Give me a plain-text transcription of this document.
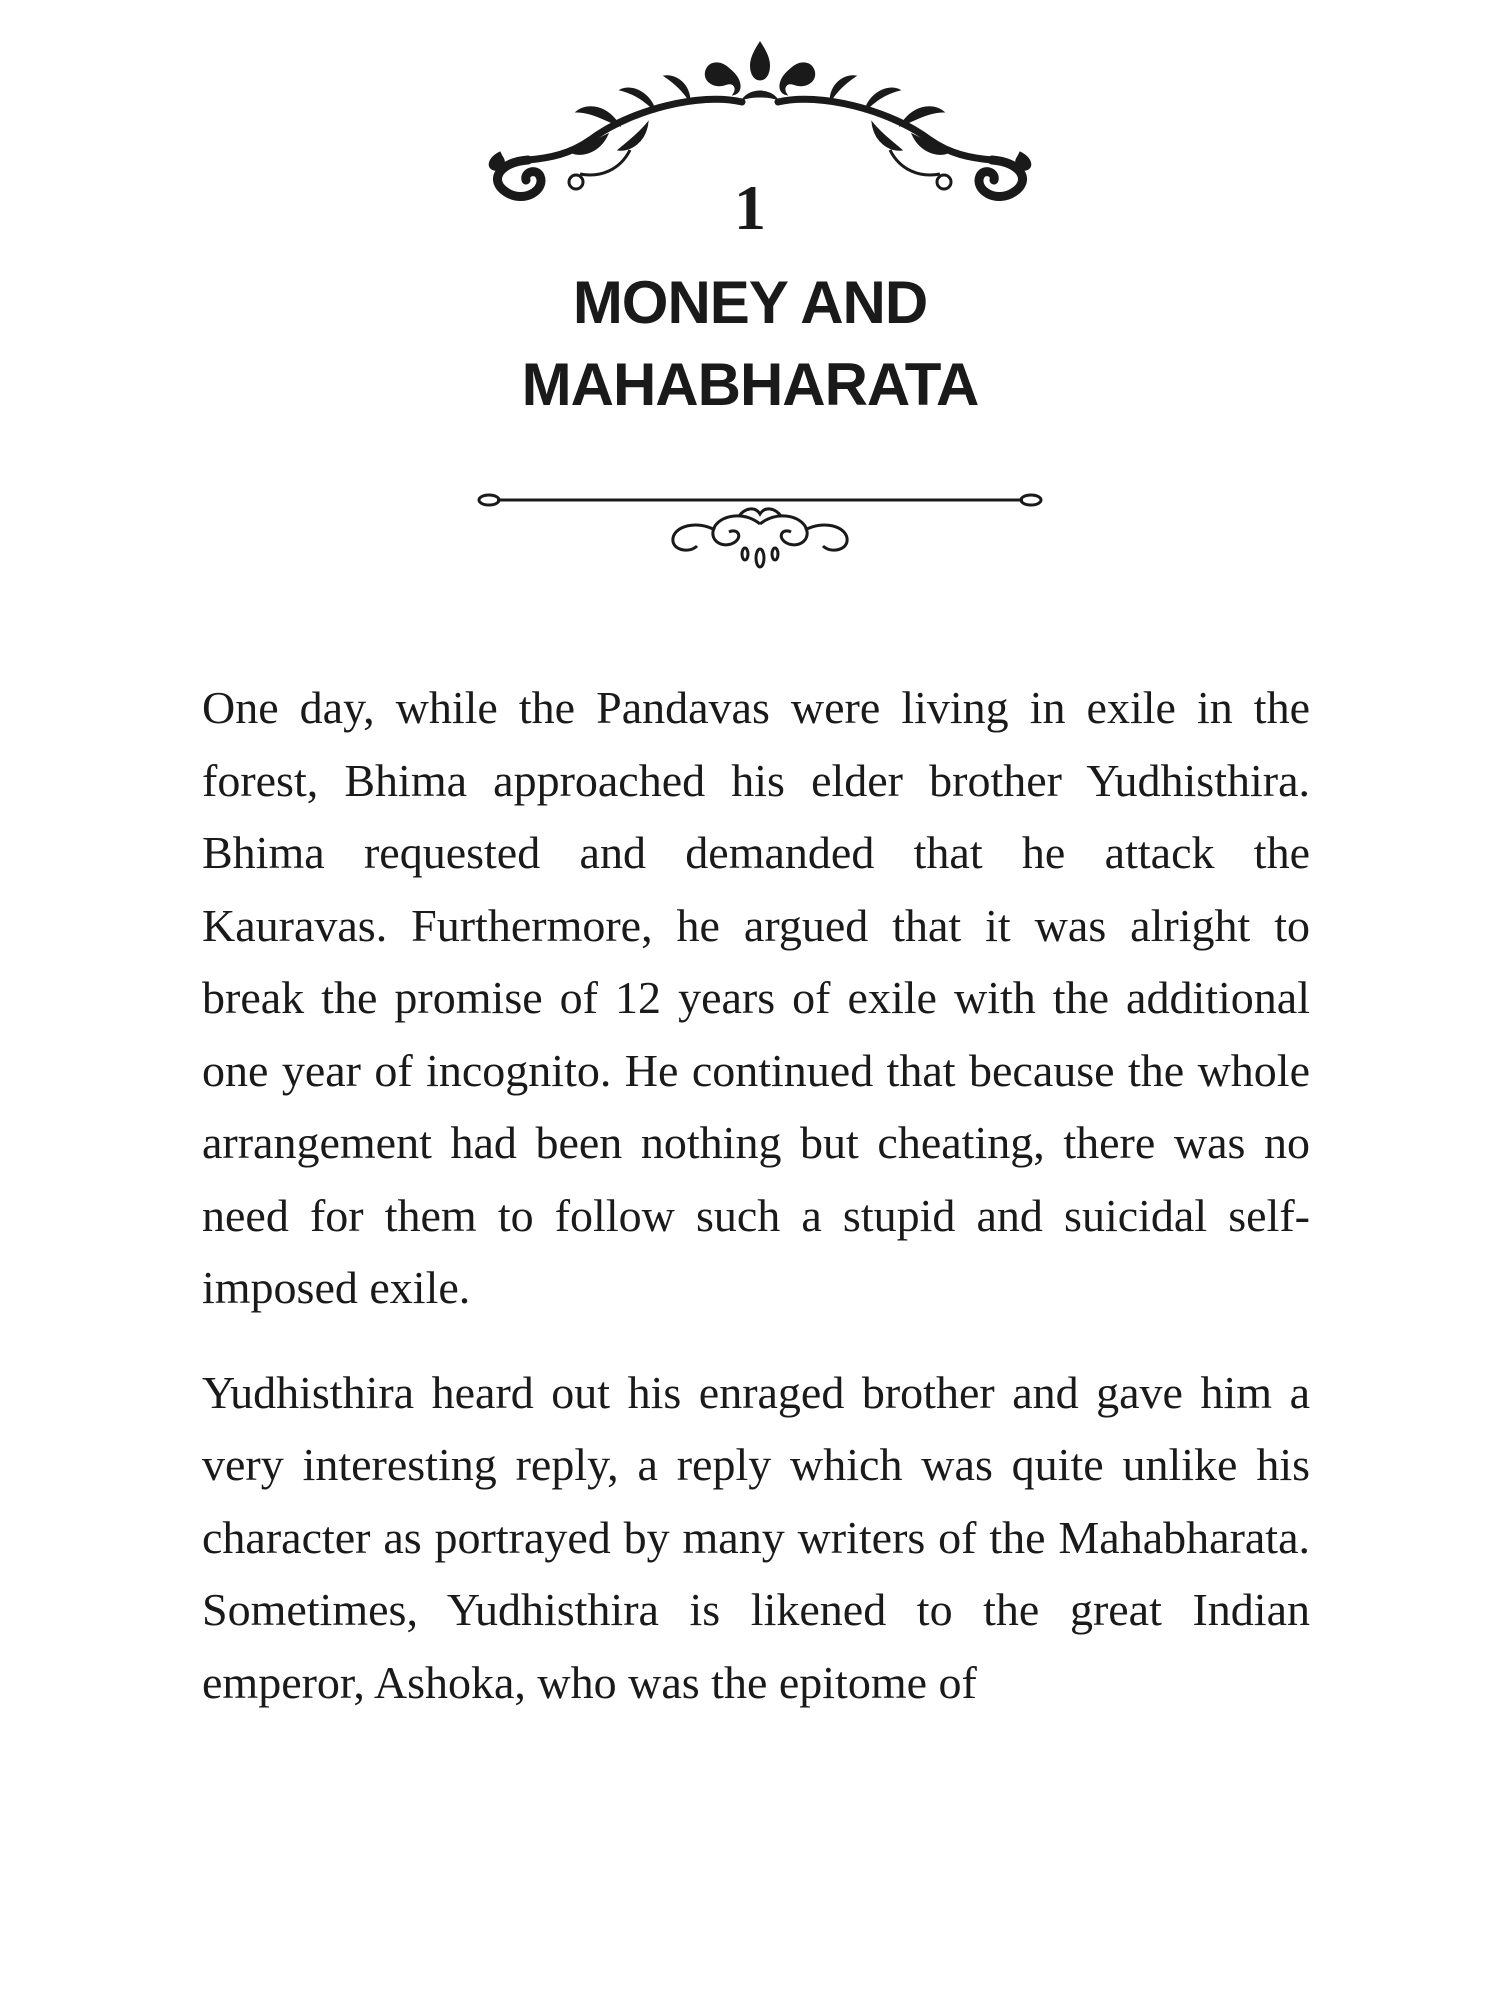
1
MONEY AND
MAHABHARATA

One day, while the Pandavas were living in exile in the forest, Bhima approached his elder brother Yudhisthira. Bhima requested and demanded that he attack the Kauravas. Furthermore, he argued that it was alright to break the promise of 12 years of exile with the additional one year of incognito. He continued that because the whole arrangement had been nothing but cheating, there was no need for them to follow such a stupid and suicidal self-imposed exile.

Yudhisthira heard out his enraged brother and gave him a very interesting reply, a reply which was quite unlike his character as portrayed by many writers of the Mahabharata. Sometimes, Yudhisthira is likened to the great Indian emperor, Ashoka, who was the epitome of
